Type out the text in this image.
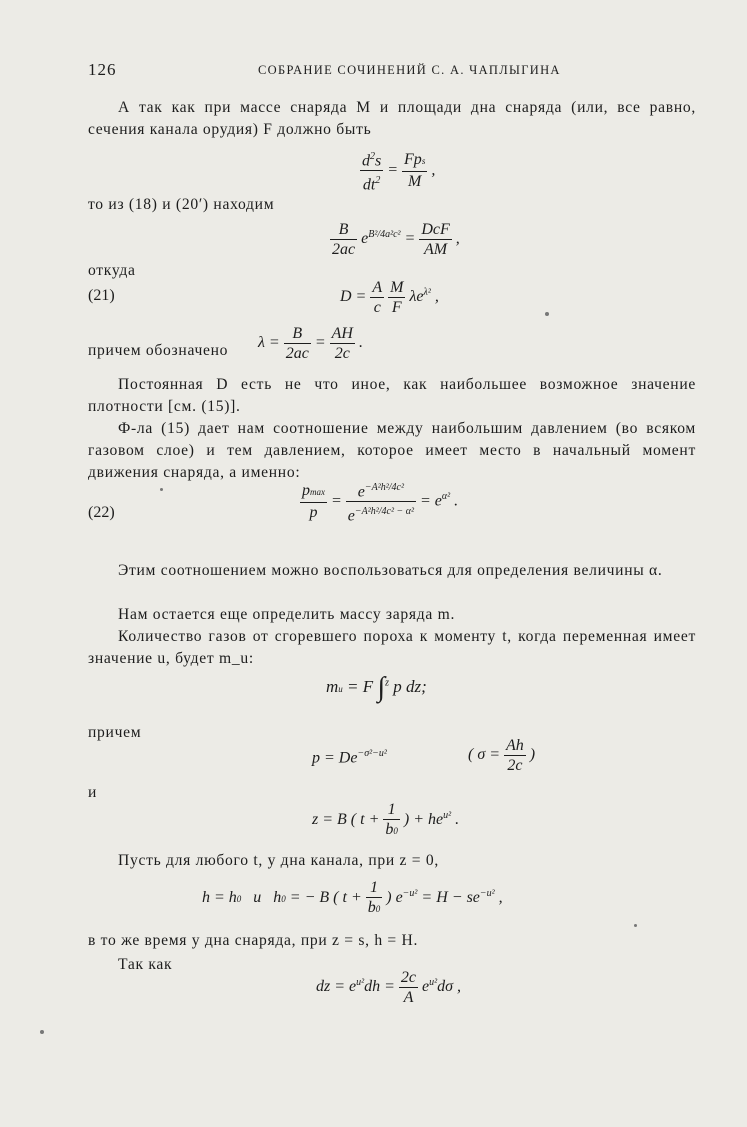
126	СОБРАНИЕ СОЧИНЕНИЙ С. А. ЧАПЛЫГИНА
А так как при массе снаряда M и площади дна снаряда (или, все равно, сечения канала орудия) F должно быть
$\frac{d^2s}{dt^2} = \frac{\text{Fps}}{M}$ ,
то из (18) и (20′) находим
$\frac{B}{2ac} e^{B^2/4a^2c^2} = \frac{\text{DcF}}{AM}$ ,
откуда
(21)	$D = \frac{A}{c}$
$\frac{M}{F} \lambda e^{\lambda^2}$ ,
причем обозначено	$\lambda = \frac{B}{2ac} = \frac{AH}{2c}$ .
Постоянная D есть не что иное, как наибольшее возможное значение плотности [см. (15)].
Ф-ла (15) дает нам соотношение между наибольшим давлением (во всяком газовом слое) и тем давлением, которое имеет место в начальный момент движения снаряда, а именно:
(22)	$\frac{pmax}{p} = \frac{e^{-A^2h^2/4c^2}}{e^{-A^2h^2/4c^2 - \alpha^2}} = e^{\alpha^2}$ .
Этим соотношением можно воспользоваться для определения величины α.
Нам остается еще определить массу заряда m.
Количество газов от сгоревшего пороха к моменту t, когда переменная имеет значение u, будет m_u:
mu = F ∫$^z$ p dz;
причем
$p = De^{-\sigma^2-u^2}$	( $\sigma = \frac{Ah}{2c}$ )
и
z = B ( $t + \frac{1}{b0}$ ) + $he^{u^2}$ .
Пусть для любого t, у дна канала, при z = 0,
h = h0   и   h0 = − B ( $t + \frac{1}{b0}$ ) $e^{-u^2} = H - se^{-u^2}$ ,
в то же время у дна снаряда, при z = s, h = H.
Так как
dz = $e^{u^2}dh = \frac{2c}{A} e^{u^2}d\sigma$ ,
